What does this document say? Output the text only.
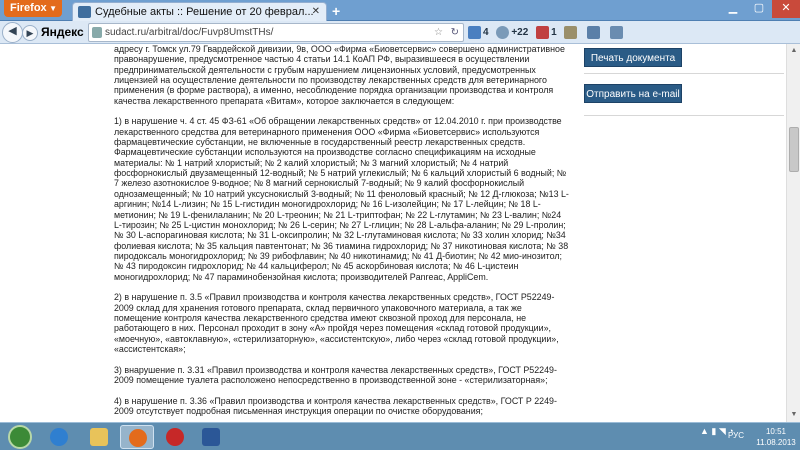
Firefox ▼	Судебные акты :: Решение от 20 феврал...
✕ +	▁	▢	✕
◀	▶ Яндекс	sudact.ru/arbitral/doc/Fuvp8UmstTHs/	☆ ↻	4 +22 1

адресу г. Томск ул.79 Гвардейской дивизии, 9в, ООО «Фирма «Биоветсервис» совершено административное правонарушение, предусмотренное частью 4 статьи 14.1 КоАП РФ, выразившееся в осуществлении предпринимательской деятельности с грубым нарушением лицензионных условий, предусмотренных лицензией на осуществление деятельности по производству лекарственных средств для ветеринарного применения (в форме раствора), а именно, несоблюдение порядка организации производства и контроля качества лекарственного препарата «Витам», которое заключается в следующем:

1) в нарушение ч. 4 ст. 45 ФЗ-61 «Об обращении лекарственных средств» от 12.04.2010 г. при производстве лекарственного средства для ветеринарного применения ООО «Фирма «Биоветсервис» используются фармацевтические субстанции, не включенные в государственный реестр лекарственных средств. Фармацевтические субстанции используются на производстве согласно спецификациям на исходные материалы: № 1 натрий хлористый; № 2 калий хлористый; № 3 магний хлористый; № 4 натрий фосфорнокислый двузамещенный 12-водный; № 5 натрий углекислый; № 6 кальций хлористый 6 водный; № 7 железо азотнокислое 9-водное; № 8 магний сернокислый 7-водный; № 9 калий фосфорнокислый однозамещенный; № 10 натрий уксуснокислый 3-водный; № 11 феноловый красный; № 12 Д-глюкоза; №13 L-аргинин; №14 L-лизин; № 15 L-гистидин моногидрохлорид; № 16 L-изолейцин; № 17 L-лейцин; № 18 L-метионин; № 19 L-фенилаланин; № 20 L-треонин; № 21 L-триптофан; № 22 L-глутамин; № 23 L-валин; №24 L-тирозин; № 25 L-цистин монохлорид; № 26 L-серин; № 27 L-глицин; № 28 L-альфа-аланин; № 29 L-пролин; № 30 L-аспорагиновая кислота; № 31 L-оксипролин; № 32 L-глутаминовая кислота; № 33 холин хлорид; №34 фолиевая кислота; № 35 кальция павтентонат; № 36 тиамина гидрохлорид; № 37 никотиновая кислота; № 38 пиродоксаль моногидрохлорид; № 39 рибофлавин; № 40 никотинамид; № 41 Д-биотин; № 42 мио-инозитол; № 43 пиродоксин гидрохлорид; № 44 кальциферол; № 45 аскорбиновая кислота; № 46 L-цистеин моногидрохлорид; № 47 параминобензойная кислота; производителей Panreac, AppliCem.

2) в нарушение п. 3.5 «Правил производства и контроля качества лекарственных средств», ГОСТ Р52249-2009 склад для хранения готового препарата, склад первичного упаковочного материала, а так же помещение контроля качества лекарственного средства имеют сквозной проход для персонала, не работающего в них. Персонал проходит в зону «А» пройдя через помещения «склад готовой продукции», «моечную», «автоклавную», «стерилизаторную», «ассистентскую», либо через «склад готовой продукции», «ассистентская»;

3) внарушение п. 3.31 «Правил производства и контроля качества лекарственных средств», ГОСТ Р52249-2009 помещение туалета расположено непосредственно в производственной зоне - «стерилизаторная»;

4) в нарушение п. 3.36 «Правил производства и контроля качества лекарственных средств», ГОСТ Р 2249-2009 отсутствует подробная письменная инструкция операции по очистке оборудования;

Печать документа
Отправить на e-mail
▲
▼
▲ ▮ ◥ ◔
РУС	10:51
11.08.2013
